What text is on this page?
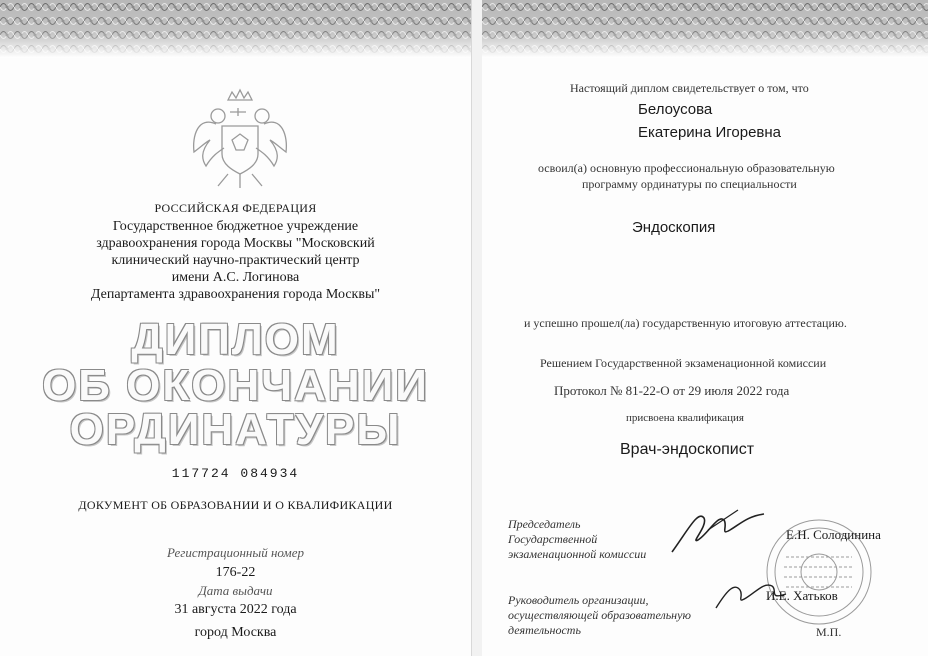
РОССИЙСКАЯ ФЕДЕРАЦИЯ
Государственное бюджетное учреждение
здравоохранения города Москвы "Московский
клинический научно-практический центр
имени А.С. Логинова
Департамента здравоохранения города Москвы"
ДИПЛОМ
ОБ ОКОНЧАНИИ
ОРДИНАТУРЫ
117724 084934
ДОКУМЕНТ ОБ ОБРАЗОВАНИИ И О КВАЛИФИКАЦИИ
Регистрационный номер
176-22
Дата выдачи
31 августа 2022 года
город Москва
Настоящий диплом свидетельствует о том, что
Белоусова
Екатерина Игоревна
освоил(а) основную профессиональную образовательную
программу ординатуры по специальности
Эндоскопия
и успешно прошел(ла) государственную итоговую аттестацию.
Решением Государственной экзаменационной комиссии
Протокол № 81-22-О от 29 июля 2022 года
присвоена квалификация
Врач-эндоскопист
Председатель
Государственной
экзаменационной комиссии
Е.Н. Солодинина
Руководитель организации,
осуществляющей образовательную
деятельность
И.Е. Хатьков
М.П.
